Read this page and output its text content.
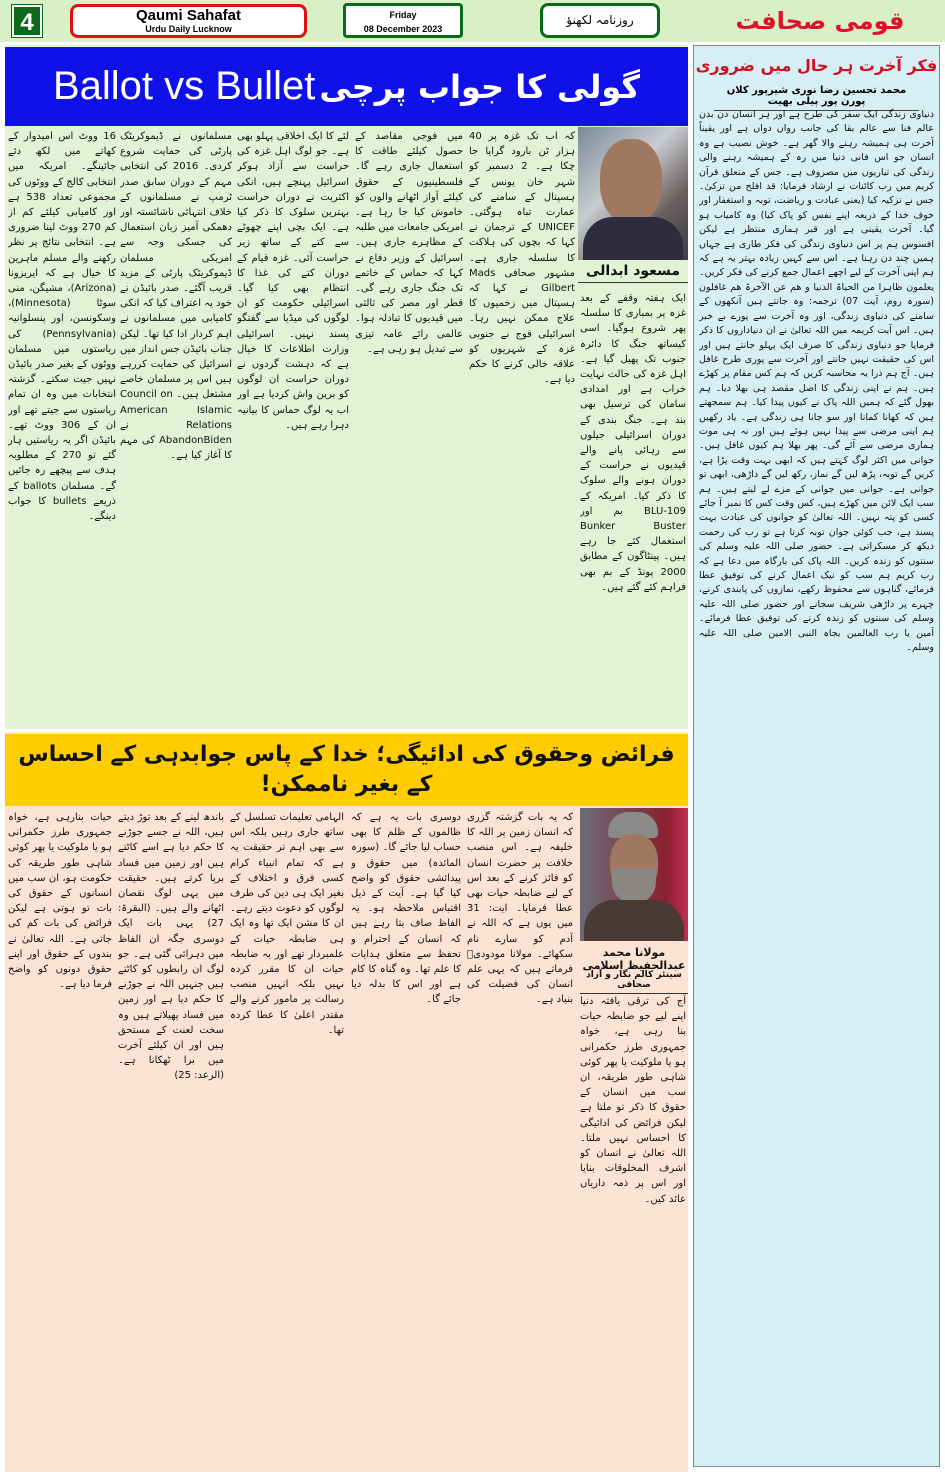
4	Qaumi Sahafat
Urdu Daily Lucknow
Friday
08 December 2023
روزنامہ لکھنؤ	قومی صحافت
Ballot vs Bullet گولی کا جواب پرچی
مسعود ابدالی
ایک ہفتہ وقفے کے بعد غزہ پر بمباری کا سلسلہ پھر شروع ہوگیا۔ اسی کیساتھ جنگ کا دائرہ جنوب تک پھیل گیا ہے۔ اہل غزہ کی حالت نہایت خراب ہے اور امدادی سامان کی ترسیل بھی بند ہے۔ جنگ بندی کے دوران اسرائیلی جیلوں سے رہائی پانے والے قیدیوں نے حراست کے دوران ہونے والے سلوک کا ذکر کیا۔ امریکہ کے BLU-109 بم اور Bunker Buster استعمال کئے جا رہے ہیں۔ پینٹاگون کے مطابق 2000 پونڈ کے بم بھی فراہم کئے گئے ہیں۔
کہ اب تک غزہ پر 40 ہزار ٹن بارود گرایا جا چکا ہے۔ 2 دسمبر کو شہر خان یونس کے ہسپتال کے سامنے کی عمارت تباہ ہوگئی۔ UNICEF کے ترجمان نے کہا کہ بچوں کی ہلاکت کا سلسلہ جاری ہے۔ مشہور صحافی Mads Gilbert نے کہا کہ ہسپتال میں زخمیوں کا علاج ممکن نہیں رہا۔ اسرائیلی فوج نے جنوبی غزہ کے شہریوں کو علاقہ خالی کرنے کا حکم دیا ہے۔
میں فوجی مقاصد کے حصول کیلئے طاقت کا استعمال جاری رہے گا۔ فلسطینیوں کے حقوق کیلئے آواز اٹھانے والوں کو خاموش کیا جا رہا ہے۔ امریکی جامعات میں طلبہ کے مظاہرے جاری ہیں۔ اسرائیل کے وزیر دفاع نے کہا کہ حماس کے خاتمے تک جنگ جاری رہے گی۔ قطر اور مصر کی ثالثی میں قیدیوں کا تبادلہ ہوا۔ عالمی رائے عامہ تیزی سے تبدیل ہو رہی ہے۔
لئے کا ایک اخلاقی پہلو بھی ہے۔ جو لوگ اہل غزہ کی حراست سے آزاد ہوکر اسرائیل پہنچے ہیں، انکی اکثریت نے دوران حراست بہترین سلوک کا ذکر کیا ہے۔ ایک بچی اپنے چھوٹے سے کتے کے ساتھ زیر حراست آئی۔ غزہ قیام کے دوران کتے کی غذا کا انتظام بھی کیا گیا۔ اسرائیلی حکومت کو ان لوگوں کی میڈیا سے گفتگو پسند نہیں۔ اسرائیلی وزارت اطلاعات کا خیال ہے کہ دہشت گردوں نے دوران حراست ان لوگوں کو برین واش کردیا ہے اور اب یہ لوگ حماس کا بیانیہ دہرا رہے ہیں۔
مسلمانوں نے ڈیموکریٹک پارٹی کی حمایت شروع کردی۔ 2016 کی انتخابی مہم کے دوران سابق صدر ٹرمپ نے مسلمانوں کے خلاف انتہائی ناشائستہ اور دھمکی آمیز زبان استعمال کی جسکی وجہ سے امریکی مسلمان ڈیموکریٹک پارٹی کے مزید قریب آگئے۔ صدر بائیڈن نے خود یہ اعتراف کیا کہ انکی کامیابی میں مسلمانوں نے اہم کردار ادا کیا تھا۔ لیکن جناب بائیڈن جس انداز میں اسرائیل کی حمایت کررہے ہیں اس پر مسلمان خاصے مشتعل ہیں۔ Council on American Islamic Relations نے AbandonBiden کی مہم کا آغاز کیا ہے۔
16 ووٹ اس امیدوار کے کھاتے میں لکھ دئے جائینگے۔ امریکہ میں انتخابی کالج کے ووٹوں کی مجموعی تعداد 538 ہے اور کامیابی کیلئے کم از کم 270 ووٹ لینا ضروری ہے۔ انتخابی نتائج پر نظر رکھنے والے مسلم ماہرین کا خیال ہے کہ ایریزونا (Arizona)، مشیگن، منی سوٹا (Minnesota)، وسکونسن، اور پنسلوانیہ (Pennsylvania) کی ریاستوں میں مسلمان ووٹوں کے بغیر صدر بائیڈن نہیں جیت سکتے۔ گزشتہ انتخابات میں وہ ان تمام ریاستوں سے جیتے تھے اور ان کے 306 ووٹ تھے۔ بائیڈن اگر یہ ریاستیں ہار گئے تو 270 کے مطلوبہ ہدف سے پیچھے رہ جائیں گے۔ مسلمان ballots کے ذریعے bullets کا جواب دینگے۔
فرائض وحقوق کی ادائیگی؛ خدا کے پاس جوابدہی کے احساس کے بغیر ناممکن!
مولانا محمد عبدالحفیظ اسلامی
سینئر کالم نگار و آزاد صحافی
آج کی ترقی یافتہ دنیا اپنے لیے جو ضابطہ حیات بنا رہی ہے، خواہ جمہوری طرز حکمرانی ہو یا ملوکیت یا پھر کوئی شاہی طور طریقہ، ان سب میں انسان کے حقوق کا ذکر تو ملتا ہے لیکن فرائض کی ادائیگی کا احساس نہیں ملتا۔ اللہ تعالیٰ نے انسان کو اشرف المخلوقات بنایا اور اس پر ذمہ داریاں عائد کیں۔
کہ یہ بات گزشتہ گزری کہ انسان زمین پر اللہ کا خلیفہ ہے۔ اس منصب خلافت پر حضرت انسان کو فائز کرنے کے بعد اس کے لیے ضابطہ حیات بھی عطا فرمایا۔ ایت: 31 میں یوں ہے کہ اللہ نے آدم کو سارے نام سکھائے۔ مولانا مودودیؒ فرماتے ہیں کہ یہی علم انسان کی فضیلت کی بنیاد ہے۔
دوسری بات یہ ہے کہ ظالموں کے ظلم کا بھی حساب لیا جائے گا۔ (سورہ المائدہ) میں حقوق و پیدائشی حقوق کو واضح کیا گیا ہے۔ آیت کے ذیل اقتباس ملاحظہ ہو۔ یہ الفاظ صاف بتا رہے ہیں کہ انسان کے احترام و تحفظ سے متعلق ہدایات کا علم تھا۔ وہ گناہ کا کام ہے اور اس کا بدلہ دیا جائے گا۔
الہامی تعلیمات تسلسل کے ساتھ جاری رہیں بلکہ اس سے بھی اہم تر حقیقت یہ ہے کہ تمام انبیاء کرام کسی فرق و اختلاف کے بغیر ایک ہی دین کی طرف لوگوں کو دعوت دیتے رہے۔ ان کا مشن ایک تھا وہ ایک ہی ضابطہ حیات کے علمبردار تھے اور یہ ضابطہ حیات ان کا مقرر کردہ نہیں بلکہ انہیں منصب رسالت پر مامور کرنے والے مقتدر اعلیٰ کا عطا کردہ تھا۔
باندھ لینے کے بعد توڑ دیتے ہیں، اللہ نے جسے جوڑنے کا حکم دیا ہے اسے کاٹتے ہیں اور زمین میں فساد برپا کرتے ہیں۔ حقیقت میں یہی لوگ نقصان اٹھانے والے ہیں۔ (البقرۃ: 27) یہی بات ایک دوسری جگہ ان الفاظ میں دہرائی گئی ہے۔ جو لوگ ان رابطوں کو کاٹتے ہیں جنہیں اللہ نے جوڑنے کا حکم دیا ہے اور زمین میں فساد پھیلاتے ہیں وہ سخت لعنت کے مستحق ہیں اور ان کیلئے آخرت میں برا ٹھکانا ہے۔ (الرعد: 25)
حیات بنارہی ہے، خواہ جمہوری طرز حکمرانی ہو یا ملوکیت یا پھر کوئی شاہی طور طریقہ کی حکومت ہو، ان سب میں انسانوں کے حقوق کی بات تو ہوتی ہے لیکن فرائض کی بات کم کی جاتی ہے۔ اللہ تعالیٰ نے بندوں کے حقوق اور اپنے حقوق دونوں کو واضح فرما دیا ہے۔
فکر آخرت ہر حال میں ضروری
محمد تحسین رضا نوری شیرپور کلاں پورن پور پیلی بھیت
دنیاوی زندگی ایک سفر کی طرح ہے اور ہر انسان دن بدن عالم فنا سے عالم بقا کی جانب رواں دواں ہے اور یقیناً آخرت ہی ہمیشہ رہنے والا گھر ہے۔ خوش نصیب ہے وہ انسان جو اس فانی دنیا میں رہ کے ہمیشہ رہنے والی زندگی کی تیاریوں میں مصروف ہے۔ جس کے متعلق قرآن کریم میں رب کائنات نے ارشاد فرمایا: قد افلح من تزکیٰ۔ جس نے تزکیہ کیا (یعنی عبادت و ریاضت، توبہ و استغفار اور خوف خدا کے ذریعہ اپنے نفس کو پاک کیا) وہ کامیاب ہو گیا۔ آخرت یقینی ہے اور قبر ہماری منتظر ہے لیکن افسوس ہم پر اس دنیاوی زندگی کی فکر طاری ہے جہاں ہمیں چند دن رہنا ہے۔ اس سے کہیں زیادہ بہتر یہ ہے کہ ہم اپنی آخرت کے لیے اچھے اعمال جمع کرنے کی فکر کریں۔ یعلمون ظاہرا من الحیاۃ الدنیا و ھم عن الآخرۃ ھم غافلون (سورہ روم، آیت 07) ترجمہ: وہ جانتے ہیں آنکھوں کے سامنے کی دنیاوی زندگی، اور وہ آخرت سے پورے بے خبر ہیں۔ اس آیت کریمہ میں اللہ تعالیٰ نے ان دنیاداروں کا ذکر فرمایا جو دنیاوی زندگی کا صرف ایک پہلو جانتے ہیں اور اس کی حقیقت نہیں جانتے اور آخرت سے پوری طرح غافل ہیں۔ آج ہم ذرا یہ محاسبہ کریں کہ ہم کس مقام پر کھڑے ہیں۔ ہم نے اپنی زندگی کا اصل مقصد ہی بھلا دیا۔ ہم بھول گئے کہ ہمیں اللہ پاک نے کیوں پیدا کیا۔ ہم سمجھتے ہیں کہ کھانا کمانا اور سو جانا ہی زندگی ہے۔ یاد رکھیں ہم اپنی مرضی سے پیدا نہیں ہوئے ہیں اور نہ ہی موت ہماری مرضی سے آئے گی۔ پھر بھلا ہم کیوں غافل ہیں۔ جوانی میں اکثر لوگ کہتے ہیں کہ ابھی بہت وقت پڑا ہے، کریں گے توبہ، پڑھ لیں گے نماز، رکھ لیں گے داڑھی، ابھی تو جوانی ہے۔ جوانی میں جوانی کے مزے لے لیتے ہیں۔ ہم سب ایک لائن میں کھڑے ہیں، کس وقت کس کا نمبر آ جائے کسی کو پتہ نہیں۔ اللہ تعالیٰ کو جوانوں کی عبادت بہت پسند ہے، جب کوئی جوان توبہ کرتا ہے تو رب کی رحمت دیکھ کر مسکراتی ہے۔ حضور صلی اللہ علیہ وسلم کی سنتوں کو زندہ کریں۔ اللہ پاک کی بارگاہ میں دعا ہے کہ رب کریم ہم سب کو نیک اعمال کرنے کی توفیق عطا فرمائے، گناہوں سے محفوظ رکھے، نمازوں کی پابندی کرنے، چہرے پر داڑھی شریف سجانے اور حضور صلی اللہ علیہ وسلم کی سنتوں کو زندہ کرنے کی توفیق عطا فرمائے۔ آمین یا رب العالمین بجاہ النبی الامین صلی اللہ علیہ وسلم۔
